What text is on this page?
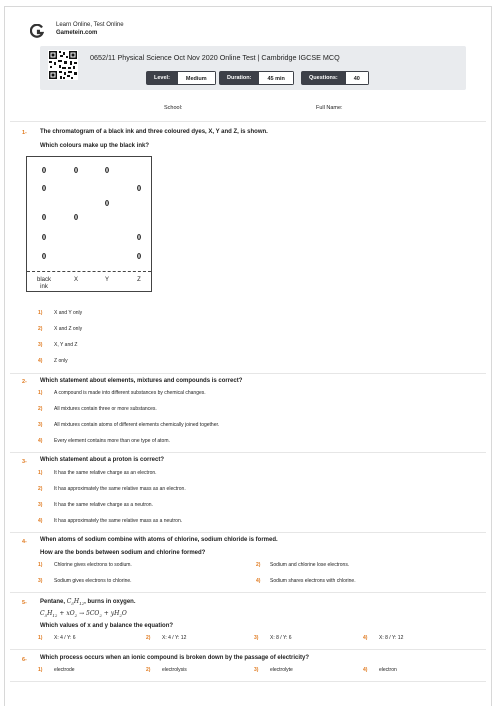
Learn Online, Test Online
Gametein.com
0652/11 Physical Science Oct Nov 2020 Online Test | Cambridge IGCSE MCQ
Level:	Medium	Duration:	45 min	Questions:	40
School:	Full Name:
1- The chromatogram of a black ink and three coloured dyes, X, Y and Z, is shown.
Which colours make up the black ink?
black ink
X	Y	Z
1) X and Y only
2) X and Z only
3) X, Y and Z
4) Z only
2- Which statement about elements, mixtures and compounds is correct?
1) A compound is made into different substances by chemical changes.
2) All mixtures contain three or more substances.
3) All mixtures contain atoms of different elements chemically joined together.
4) Every element contains more than one type of atom.
3- Which statement about a proton is correct?
1) It has the same relative charge as an electron.
2) It has approximately the same relative mass as an electron.
3) It has the same relative charge as a neutron.
4) It has approximately the same relative mass as a neutron.
4- When atoms of sodium combine with atoms of chlorine, sodium chloride is formed.
How are the bonds between sodium and chlorine formed?
1) Chlorine gives electrons to sodium.	2) Sodium and chlorine lose electrons.
3) Sodium gives electrons to chlorine.	4) Sodium shares electrons with chlorine.
5- Pentane, $C_5H_{12}$, burns in oxygen.
$C_5H_{12} + xO_2 \to 5CO_2 + yH_2O$
Which values of x and y balance the equation?
1) X: 4 / Y: 6	2) X: 4 / Y: 12	3) X: 8 / Y: 6	4) X: 8 / Y: 12
6- Which process occurs when an ionic compound is broken down by the passage of electricity?
1) electrode	2) electrolysis	3) electrolyte	4) electron
